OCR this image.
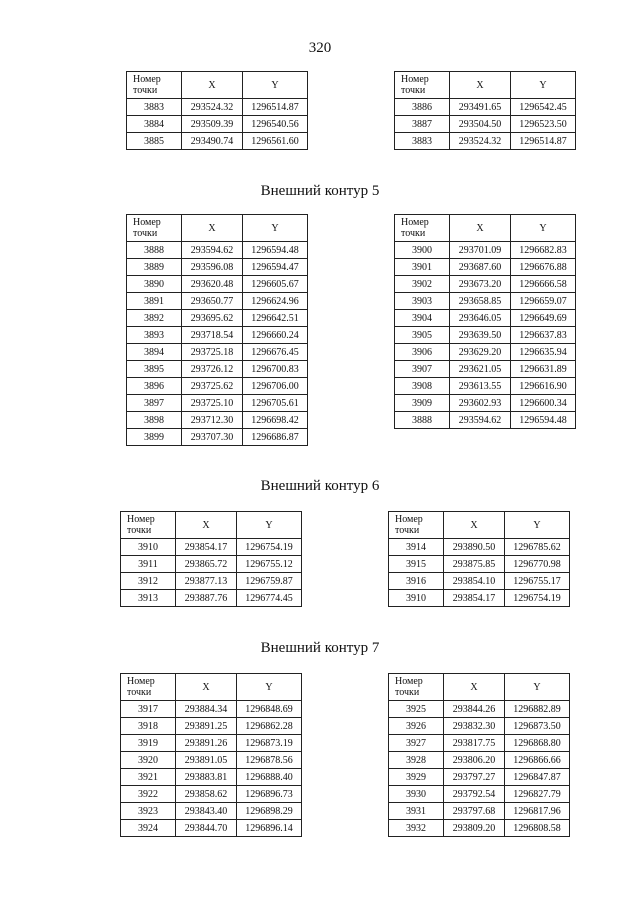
320
Внешний контур 5
Внешний контур 6
Внешний контур 7
Номер
точки	X	Y
3883	293524.32	1296514.87
3884	293509.39	1296540.56
3885	293490.74	1296561.60
Номер
точки	X	Y
3886	293491.65	1296542.45
3887	293504.50	1296523.50
3883	293524.32	1296514.87
Номер
точки	X	Y
3888	293594.62	1296594.48
3889	293596.08	1296594.47
3890	293620.48	1296605.67
3891	293650.77	1296624.96
3892	293695.62	1296642.51
3893	293718.54	1296660.24
3894	293725.18	1296676.45
3895	293726.12	1296700.83
3896	293725.62	1296706.00
3897	293725.10	1296705.61
3898	293712.30	1296698.42
3899	293707.30	1296686.87
Номер
точки	X	Y
3900	293701.09	1296682.83
3901	293687.60	1296676.88
3902	293673.20	1296666.58
3903	293658.85	1296659.07
3904	293646.05	1296649.69
3905	293639.50	1296637.83
3906	293629.20	1296635.94
3907	293621.05	1296631.89
3908	293613.55	1296616.90
3909	293602.93	1296600.34
3888	293594.62	1296594.48
Номер
точки	X	Y
3910	293854.17	1296754.19
3911	293865.72	1296755.12
3912	293877.13	1296759.87
3913	293887.76	1296774.45
Номер
точки	X	Y
3914	293890.50	1296785.62
3915	293875.85	1296770.98
3916	293854.10	1296755.17
3910	293854.17	1296754.19
Номер
точки	X	Y
3917	293884.34	1296848.69
3918	293891.25	1296862.28
3919	293891.26	1296873.19
3920	293891.05	1296878.56
3921	293883.81	1296888.40
3922	293858.62	1296896.73
3923	293843.40	1296898.29
3924	293844.70	1296896.14
Номер
точки	X	Y
3925	293844.26	1296882.89
3926	293832.30	1296873.50
3927	293817.75	1296868.80
3928	293806.20	1296866.66
3929	293797.27	1296847.87
3930	293792.54	1296827.79
3931	293797.68	1296817.96
3932	293809.20	1296808.58
